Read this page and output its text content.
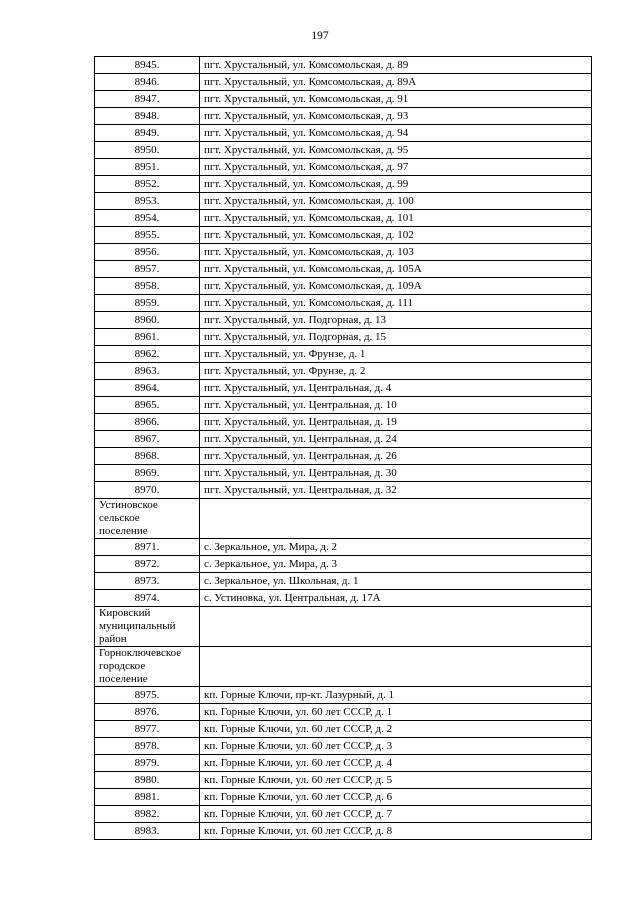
197
8945.	пгт. Хрустальный, ул. Комсомольская, д. 89
8946.	пгт. Хрустальный, ул. Комсомольская, д. 89А
8947.	пгт. Хрустальный, ул. Комсомольская, д. 91
8948.	пгт. Хрустальный, ул. Комсомольская, д. 93
8949.	пгт. Хрустальный, ул. Комсомольская, д. 94
8950.	пгт. Хрустальный, ул. Комсомольская, д. 95
8951.	пгт. Хрустальный, ул. Комсомольская, д. 97
8952.	пгт. Хрустальный, ул. Комсомольская, д. 99
8953.	пгт. Хрустальный, ул. Комсомольская, д. 100
8954.	пгт. Хрустальный, ул. Комсомольская, д. 101
8955.	пгт. Хрустальный, ул. Комсомольская, д. 102
8956.	пгт. Хрустальный, ул. Комсомольская, д. 103
8957.	пгт. Хрустальный, ул. Комсомольская, д. 105А
8958.	пгт. Хрустальный, ул. Комсомольская, д. 109А
8959.	пгт. Хрустальный, ул. Комсомольская, д. 111
8960.	пгт. Хрустальный, ул. Подгорная, д. 13
8961.	пгт. Хрустальный, ул. Подгорная, д. 15
8962.	пгт. Хрустальный, ул. Фрунзе, д. 1
8963.	пгт. Хрустальный, ул. Фрунзе, д. 2
8964.	пгт. Хрустальный, ул. Центральная, д. 4
8965.	пгт. Хрустальный, ул. Центральная, д. 10
8966.	пгт. Хрустальный, ул. Центральная, д. 19
8967.	пгт. Хрустальный, ул. Центральная, д. 24
8968.	пгт. Хрустальный, ул. Центральная, д. 26
8969.	пгт. Хрустальный, ул. Центральная, д. 30
8970.	пгт. Хрустальный, ул. Центральная, д. 32

Устиновское
сельское
поселение	

8971.	с. Зеркальное, ул. Мира, д. 2
8972.	с. Зеркальное, ул. Мира, д. 3
8973.	с. Зеркальное, ул. Школьная, д. 1
8974.	с. Устиновка, ул. Центральная, д. 17А

Кировский
муниципальный
район	

Горноключевское
городское
поселение	

8975.	кп. Горные Ключи, пр-кт. Лазурный, д. 1
8976.	кп. Горные Ключи, ул. 60 лет СССР, д. 1
8977.	кп. Горные Ключи, ул. 60 лет СССР, д. 2
8978.	кп. Горные Ключи, ул. 60 лет СССР, д. 3
8979.	кп. Горные Ключи, ул. 60 лет СССР, д. 4
8980.	кп. Горные Ключи, ул. 60 лет СССР, д. 5
8981.	кп. Горные Ключи, ул. 60 лет СССР, д. 6
8982.	кп. Горные Ключи, ул. 60 лет СССР, д. 7
8983.	кп. Горные Ключи, ул. 60 лет СССР, д. 8
